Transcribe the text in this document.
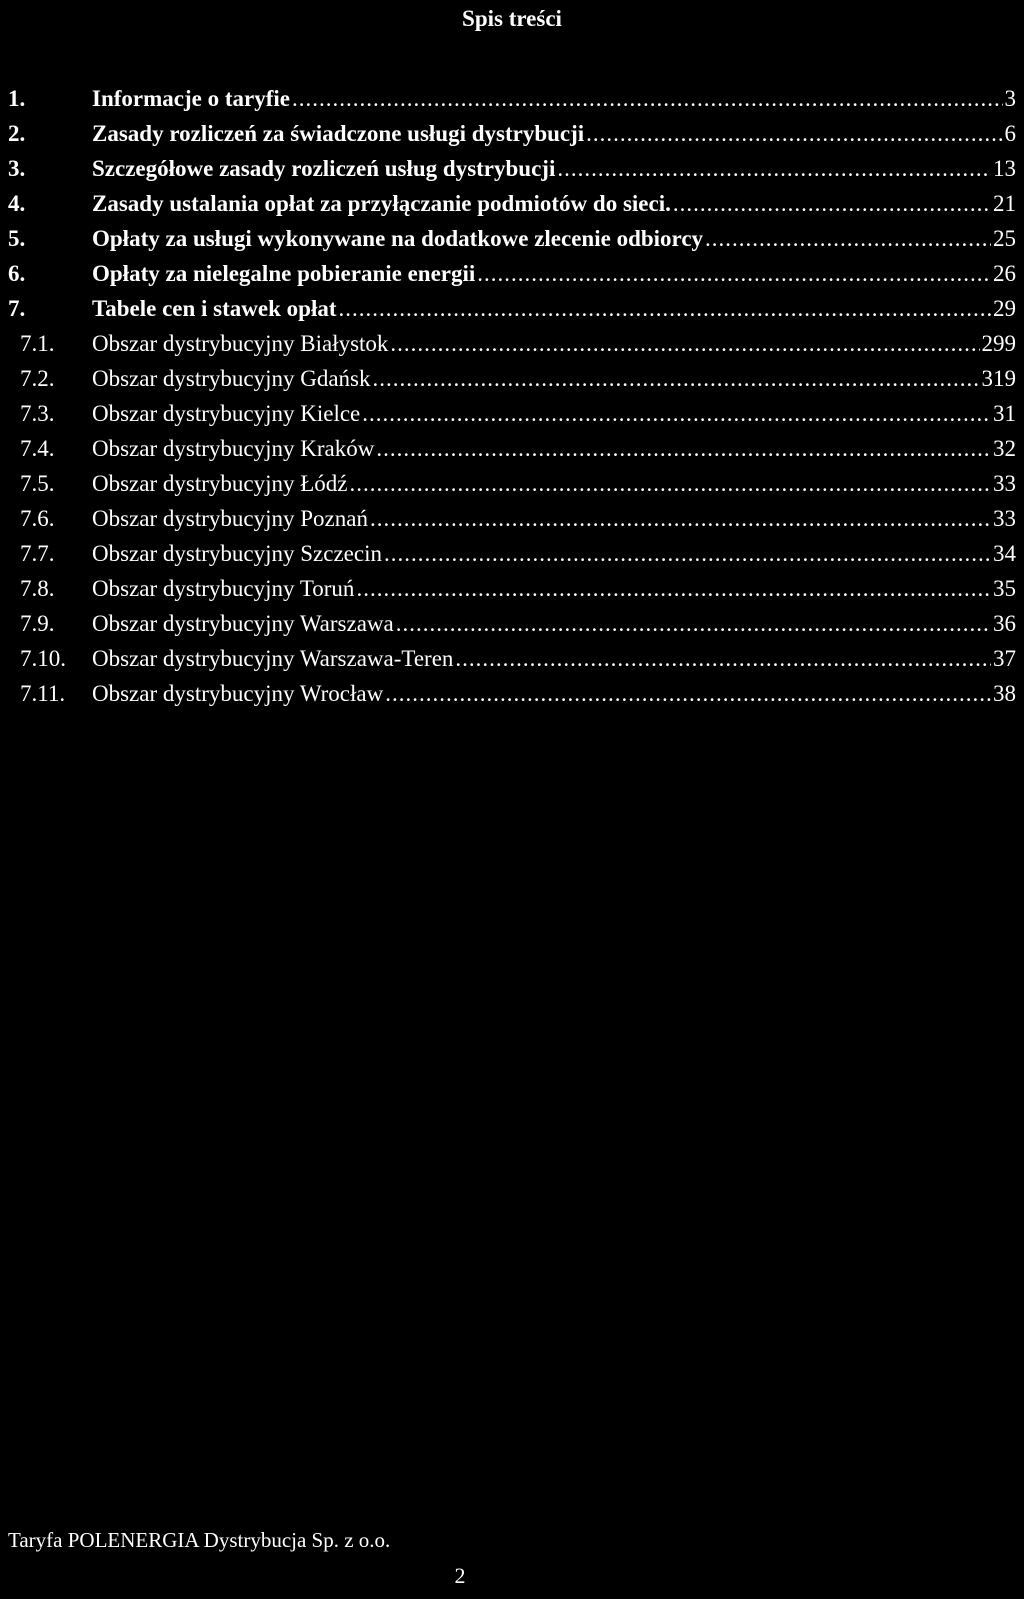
Spis treści
1.	Informacje o taryfie .....	3
2.	Zasady rozliczeń za świadczone usługi dystrybucji .....	6
3.	Szczegółowe zasady rozliczeń usług dystrybucji .....	13
4.	Zasady ustalania opłat za przyłączanie podmiotów do sieci. .....	21
5.	Opłaty za usługi wykonywane na dodatkowe zlecenie odbiorcy .....	25
6.	Opłaty za nielegalne pobieranie energii .....	26
7.	Tabele cen i stawek opłat .....	29
7.1.	Obszar dystrybucyjny Białystok .....	299
7.2.	Obszar dystrybucyjny Gdańsk .....	319
7.3.	Obszar dystrybucyjny Kielce .....	31
7.4.	Obszar dystrybucyjny Kraków .....	32
7.5.	Obszar dystrybucyjny Łódź .....	33
7.6.	Obszar dystrybucyjny Poznań .....	33
7.7.	Obszar dystrybucyjny Szczecin .....	34
7.8.	Obszar dystrybucyjny Toruń .....	35
7.9.	Obszar dystrybucyjny Warszawa .....	36
7.10.	Obszar dystrybucyjny Warszawa-Teren .....	37
7.11.	Obszar dystrybucyjny Wrocław .....	38
Taryfa POLENERGIA Dystrybucja Sp. z o.o.
2
